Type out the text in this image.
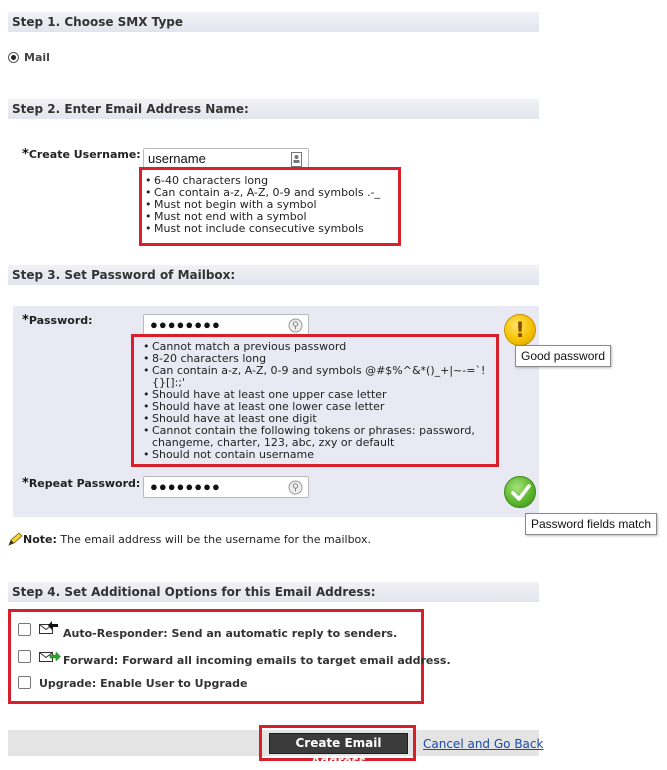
Step 1. Choose SMX Type
Mail
Step 2. Enter Email Address Name:
*Create Username: username
• 6-40 characters long
• Can contain a-z, A-Z, 0-9 and symbols .-_
• Must not begin with a symbol
• Must not end with a symbol
• Must not include consecutive symbols
Step 3. Set Password of Mailbox:
*Password:	●●●●●●●●	!
Good password
• Cannot match a previous password
• 8-20 characters long
• Can contain a-z, A-Z, 0-9 and symbols @#$%^&*()_+|~-=`!{}[]:;'
• Should have at least one upper case letter
• Should have at least one lower case letter
• Should have at least one digit
• Cannot contain the following tokens or phrases: password, changeme, charter, 123, abc, zxy or default
• Should not contain username
*Repeat Password: ●●●●●●●●
Password fields match
Note: The email address will be the username for the mailbox.
Step 4. Set Additional Options for this Email Address:
Auto-Responder: Send an automatic reply to senders.
Forward: Forward all incoming emails to target email address.
Upgrade: Enable User to Upgrade
Create Email Address
Cancel and Go Back
